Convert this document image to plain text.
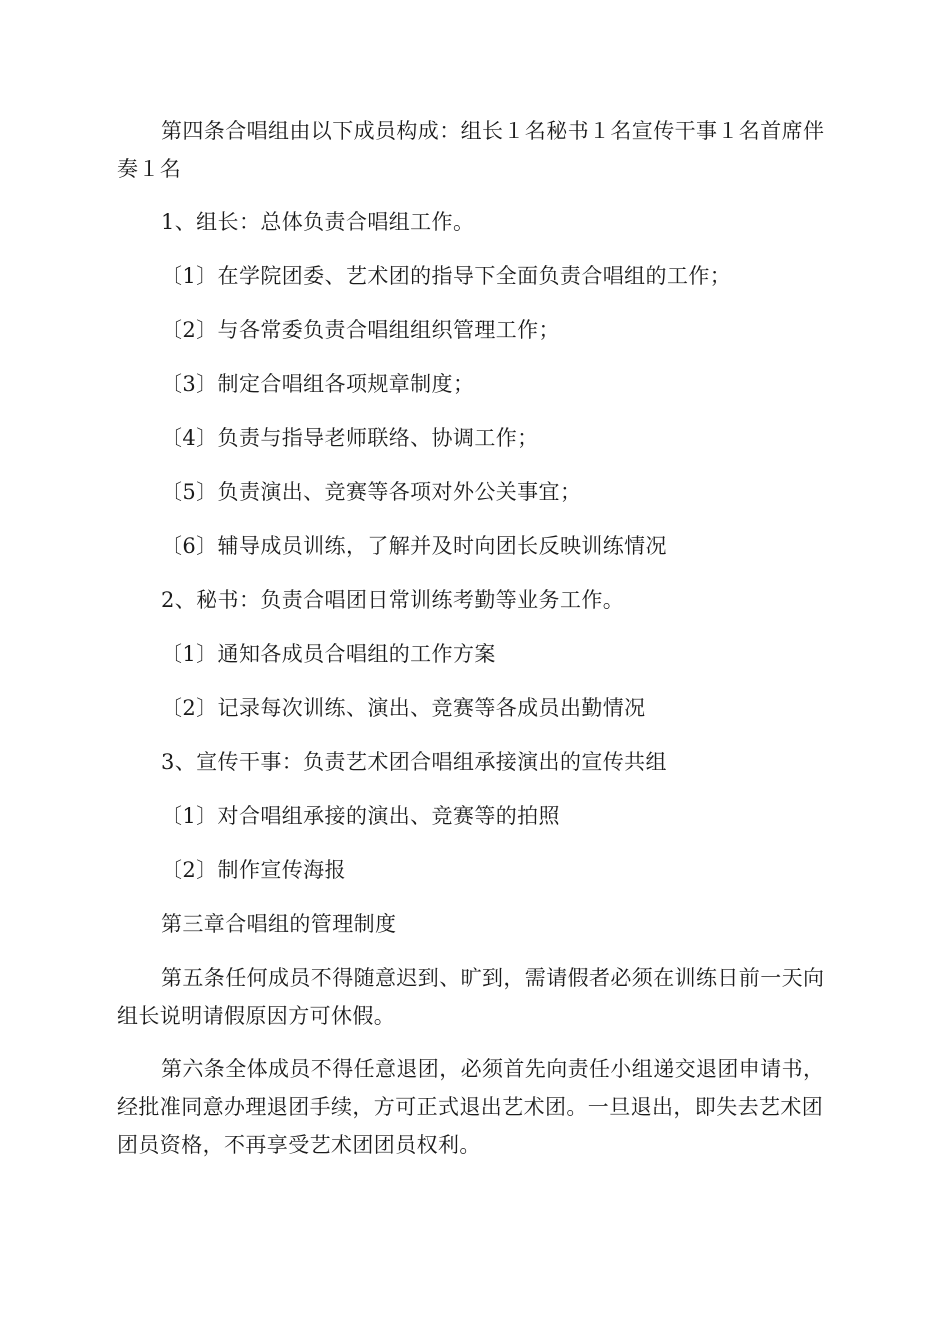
第四条合唱组由以下成员构成：组长１名秘书１名宣传干事１名首席伴奏１名

1、组长：总体负责合唱组工作。

〔1〕在学院团委、艺术团的指导下全面负责合唱组的工作；

〔2〕与各常委负责合唱组组织管理工作；

〔3〕制定合唱组各项规章制度；

〔4〕负责与指导老师联络、协调工作；

〔5〕负责演出、竞赛等各项对外公关事宜；

〔6〕辅导成员训练，了解并及时向团长反映训练情况

2、秘书：负责合唱团日常训练考勤等业务工作。

〔1〕通知各成员合唱组的工作方案

〔2〕记录每次训练、演出、竞赛等各成员出勤情况

3、宣传干事：负责艺术团合唱组承接演出的宣传共组

〔1〕对合唱组承接的演出、竞赛等的拍照

〔2〕制作宣传海报

第三章合唱组的管理制度

第五条任何成员不得随意迟到、旷到，需请假者必须在训练日前一天向组长说明请假原因方可休假。

第六条全体成员不得任意退团，必须首先向责任小组递交退团申请书，经批准同意办理退团手续，方可正式退出艺术团。一旦退出，即失去艺术团团员资格，不再享受艺术团团员权利。
